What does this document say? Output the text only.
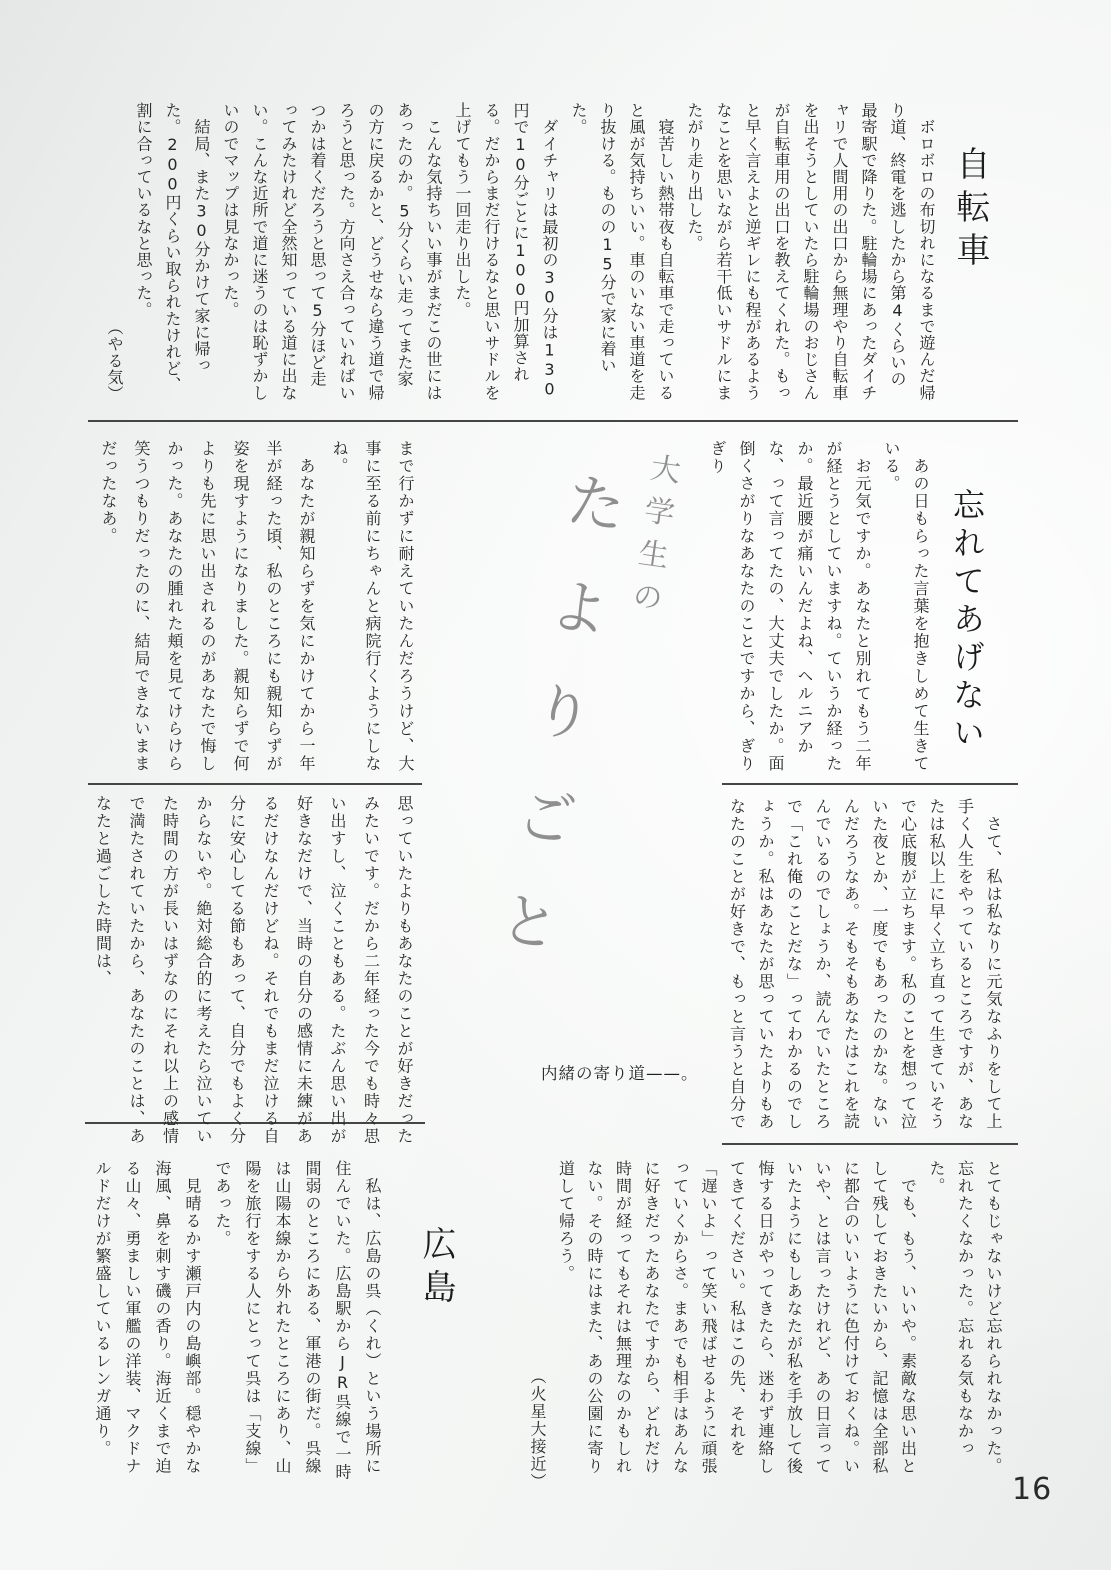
自転車

　ボロボロの布切れになるまで遊んだ帰り道、終電を逃したから第4くらいの最寄駅で降りた。駐輪場にあったダイチャリで人間用の出口から無理やり自転車を出そうとしていたら駐輪場のおじさんが自転車用の出口を教えてくれた。もっと早く言えよと逆ギレにも程があるようなことを思いながら若干低いサドルにまたがり走り出した。

　寝苦しい熱帯夜も自転車で走っていると風が気持ちいい。車のいない車道を走り抜ける。ものの15分で家に着いた。

　ダイチャリは最初の30分は130円で10分ごとに100円加算される。だからまだ行けるなと思いサドルを上げてもう一回走り出した。

　こんな気持ちいい事がまだこの世にはあったのか。5分くらい走ってまた家の方に戻るかと、どうせなら違う道で帰ろうと思った。方向さえ合っていればいつかは着くだろうと思って5分ほど走ってみたけれど全然知っている道に出ない。こんな近所で道に迷うのは恥ずかしいのでマップは見なかった。

　結局、また30分かけて家に帰った。200円くらい取られたけれど、割に合っているなと思った。

（やる気）

忘れてあげない

　あの日もらった言葉を抱きしめて生きている。

　お元気ですか。あなたと別れてもう二年が経とうとしていますね。ていうか経ったか。最近腰が痛いんだよね、ヘルニアかな、って言ってたの、大丈夫でしたか。面倒くさがりなあなたのことですから、ぎりぎり

まで行かずに耐えていたんだろうけど、大事に至る前にちゃんと病院行くようにしなね。

　あなたが親知らずを気にかけてから一年半が経った頃、私のところにも親知らずが姿を現すようになりました。親知らずで何よりも先に思い出されるのがあなたで悔しかった。あなたの腫れた頬を見てけらけら笑うつもりだったのに、結局できないままだったなあ。

　さて、私は私なりに元気なふりをして上手く人生をやっているところですが、あなたは私以上に早く立ち直って生きていそうで心底腹が立ちます。私のことを想って泣いた夜とか、一度でもあったのかな。ないんだろうなあ。そもそもあなたはこれを読んでいるのでしょうか、読んでいたところで「これ俺のことだな」ってわかるのでしょうか。私はあなたが思っていたよりもあなたのことが好きで、もっと言うと自分で

思っていたよりもあなたのことが好きだったみたいです。だから二年経った今でも時々思い出すし、泣くこともある。たぶん思い出が好きなだけで、当時の自分の感情に未練があるだけなんだけどね。それでもまだ泣ける自分に安心してる節もあって、自分でもよく分からないや。絶対総合的に考えたら泣いていた時間の方が長いはずなのにそれ以上の感情で満たされていたから、あなたのことは、あなたと過ごした時間は、

とてもじゃないけど忘れられなかった。忘れたくなかった。忘れる気もなかった。

　でも、もう、いいや。素敵な思い出として残しておきたいから、記憶は全部私に都合のいいように色付けておくね。いいや、とは言ったけれど、あの日言っていたようにもしあなたが私を手放して後悔する日がやってきたら、迷わず連絡してきてください。私はこの先、それを「遅いよ」って笑い飛ばせるように頑張っていくからさ。まあでも相手はあんなに好きだったあなたですから、どれだけ時間が経ってもそれは無理なのかもしれない。その時にはまた、あの公園に寄り道して帰ろう。

（火星大接近）

広島

　私は、広島の呉（くれ）という場所に住んでいた。広島駅からJR呉線で一時間弱のところにある、軍港の街だ。呉線は山陽本線から外れたところにあり、山陽を旅行をする人にとって呉は「支線」であった。

　見晴るかす瀬戸内の島嶼部。穏やかな海風、鼻を刺す磯の香り。海近くまで迫る山々、勇ましい軍艦の洋装、マクドナルドだけが繁盛しているレンガ通り。

大学生の
たよりごと
内緒の寄り道——。
16
